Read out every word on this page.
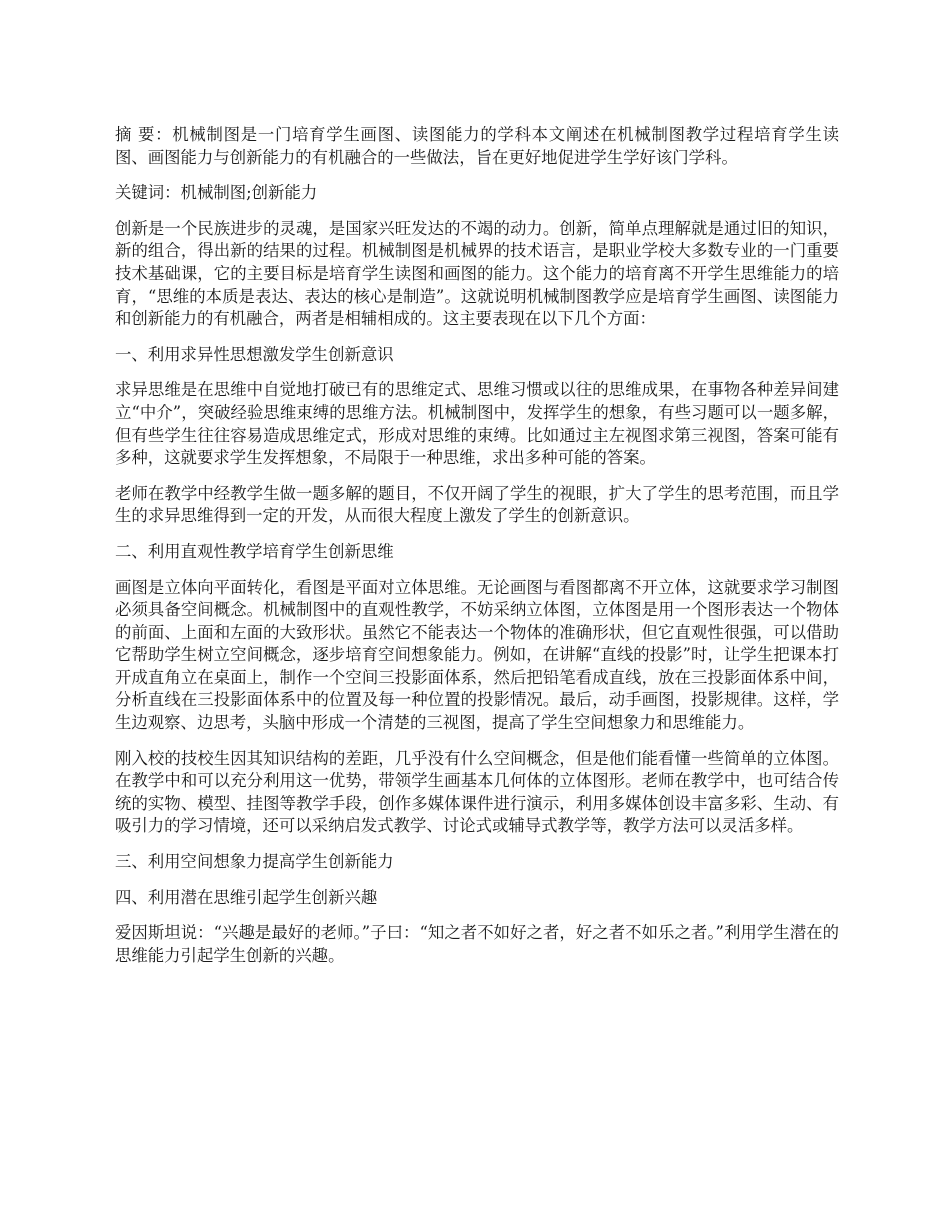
摘 要：机械制图是一门培育学生画图、读图能力的学科本文阐述在机械制图教学过程培育学生读图、画图能力与创新能力的有机融合的一些做法，旨在更好地促进学生学好该门学科。

关键词：机械制图;创新能力

创新是一个民族进步的灵魂，是国家兴旺发达的不竭的动力。创新，简单点理解就是通过旧的知识，新的组合，得出新的结果的过程。机械制图是机械界的技术语言，是职业学校大多数专业的一门重要技术基础课，它的主要目标是培育学生读图和画图的能力。这个能力的培育离不开学生思维能力的培育，“思维的本质是表达、表达的核心是制造”。这就说明机械制图教学应是培育学生画图、读图能力和创新能力的有机融合，两者是相辅相成的。这主要表现在以下几个方面：

一、利用求异性思想激发学生创新意识

求异思维是在思维中自觉地打破已有的思维定式、思维习惯或以往的思维成果，在事物各种差异间建立“中介”，突破经验思维束缚的思维方法。机械制图中，发挥学生的想象，有些习题可以一题多解，但有些学生往往容易造成思维定式，形成对思维的束缚。比如通过主左视图求第三视图，答案可能有多种，这就要求学生发挥想象，不局限于一种思维，求出多种可能的答案。

老师在教学中经教学生做一题多解的题目，不仅开阔了学生的视眼，扩大了学生的思考范围，而且学生的求异思维得到一定的开发，从而很大程度上激发了学生的创新意识。

二、利用直观性教学培育学生创新思维

画图是立体向平面转化，看图是平面对立体思维。无论画图与看图都离不开立体，这就要求学习制图必须具备空间概念。机械制图中的直观性教学，不妨采纳立体图，立体图是用一个图形表达一个物体的前面、上面和左面的大致形状。虽然它不能表达一个物体的准确形状，但它直观性很强，可以借助它帮助学生树立空间概念，逐步培育空间想象能力。例如，在讲解“直线的投影”时，让学生把课本打开成直角立在桌面上，制作一个空间三投影面体系，然后把铅笔看成直线，放在三投影面体系中间，分析直线在三投影面体系中的位置及每一种位置的投影情况。最后，动手画图，投影规律。这样，学生边观察、边思考，头脑中形成一个清楚的三视图，提高了学生空间想象力和思维能力。

刚入校的技校生因其知识结构的差距，几乎没有什么空间概念，但是他们能看懂一些简单的立体图。在教学中和可以充分利用这一优势，带领学生画基本几何体的立体图形。老师在教学中，也可结合传统的实物、模型、挂图等教学手段，创作多媒体课件进行演示，利用多媒体创设丰富多彩、生动、有吸引力的学习情境，还可以采纳启发式教学、讨论式或辅导式教学等，教学方法可以灵活多样。

三、利用空间想象力提高学生创新能力

四、利用潜在思维引起学生创新兴趣

爱因斯坦说：“兴趣是最好的老师。”子曰：“知之者不如好之者，好之者不如乐之者。”利用学生潜在的思维能力引起学生创新的兴趣。
